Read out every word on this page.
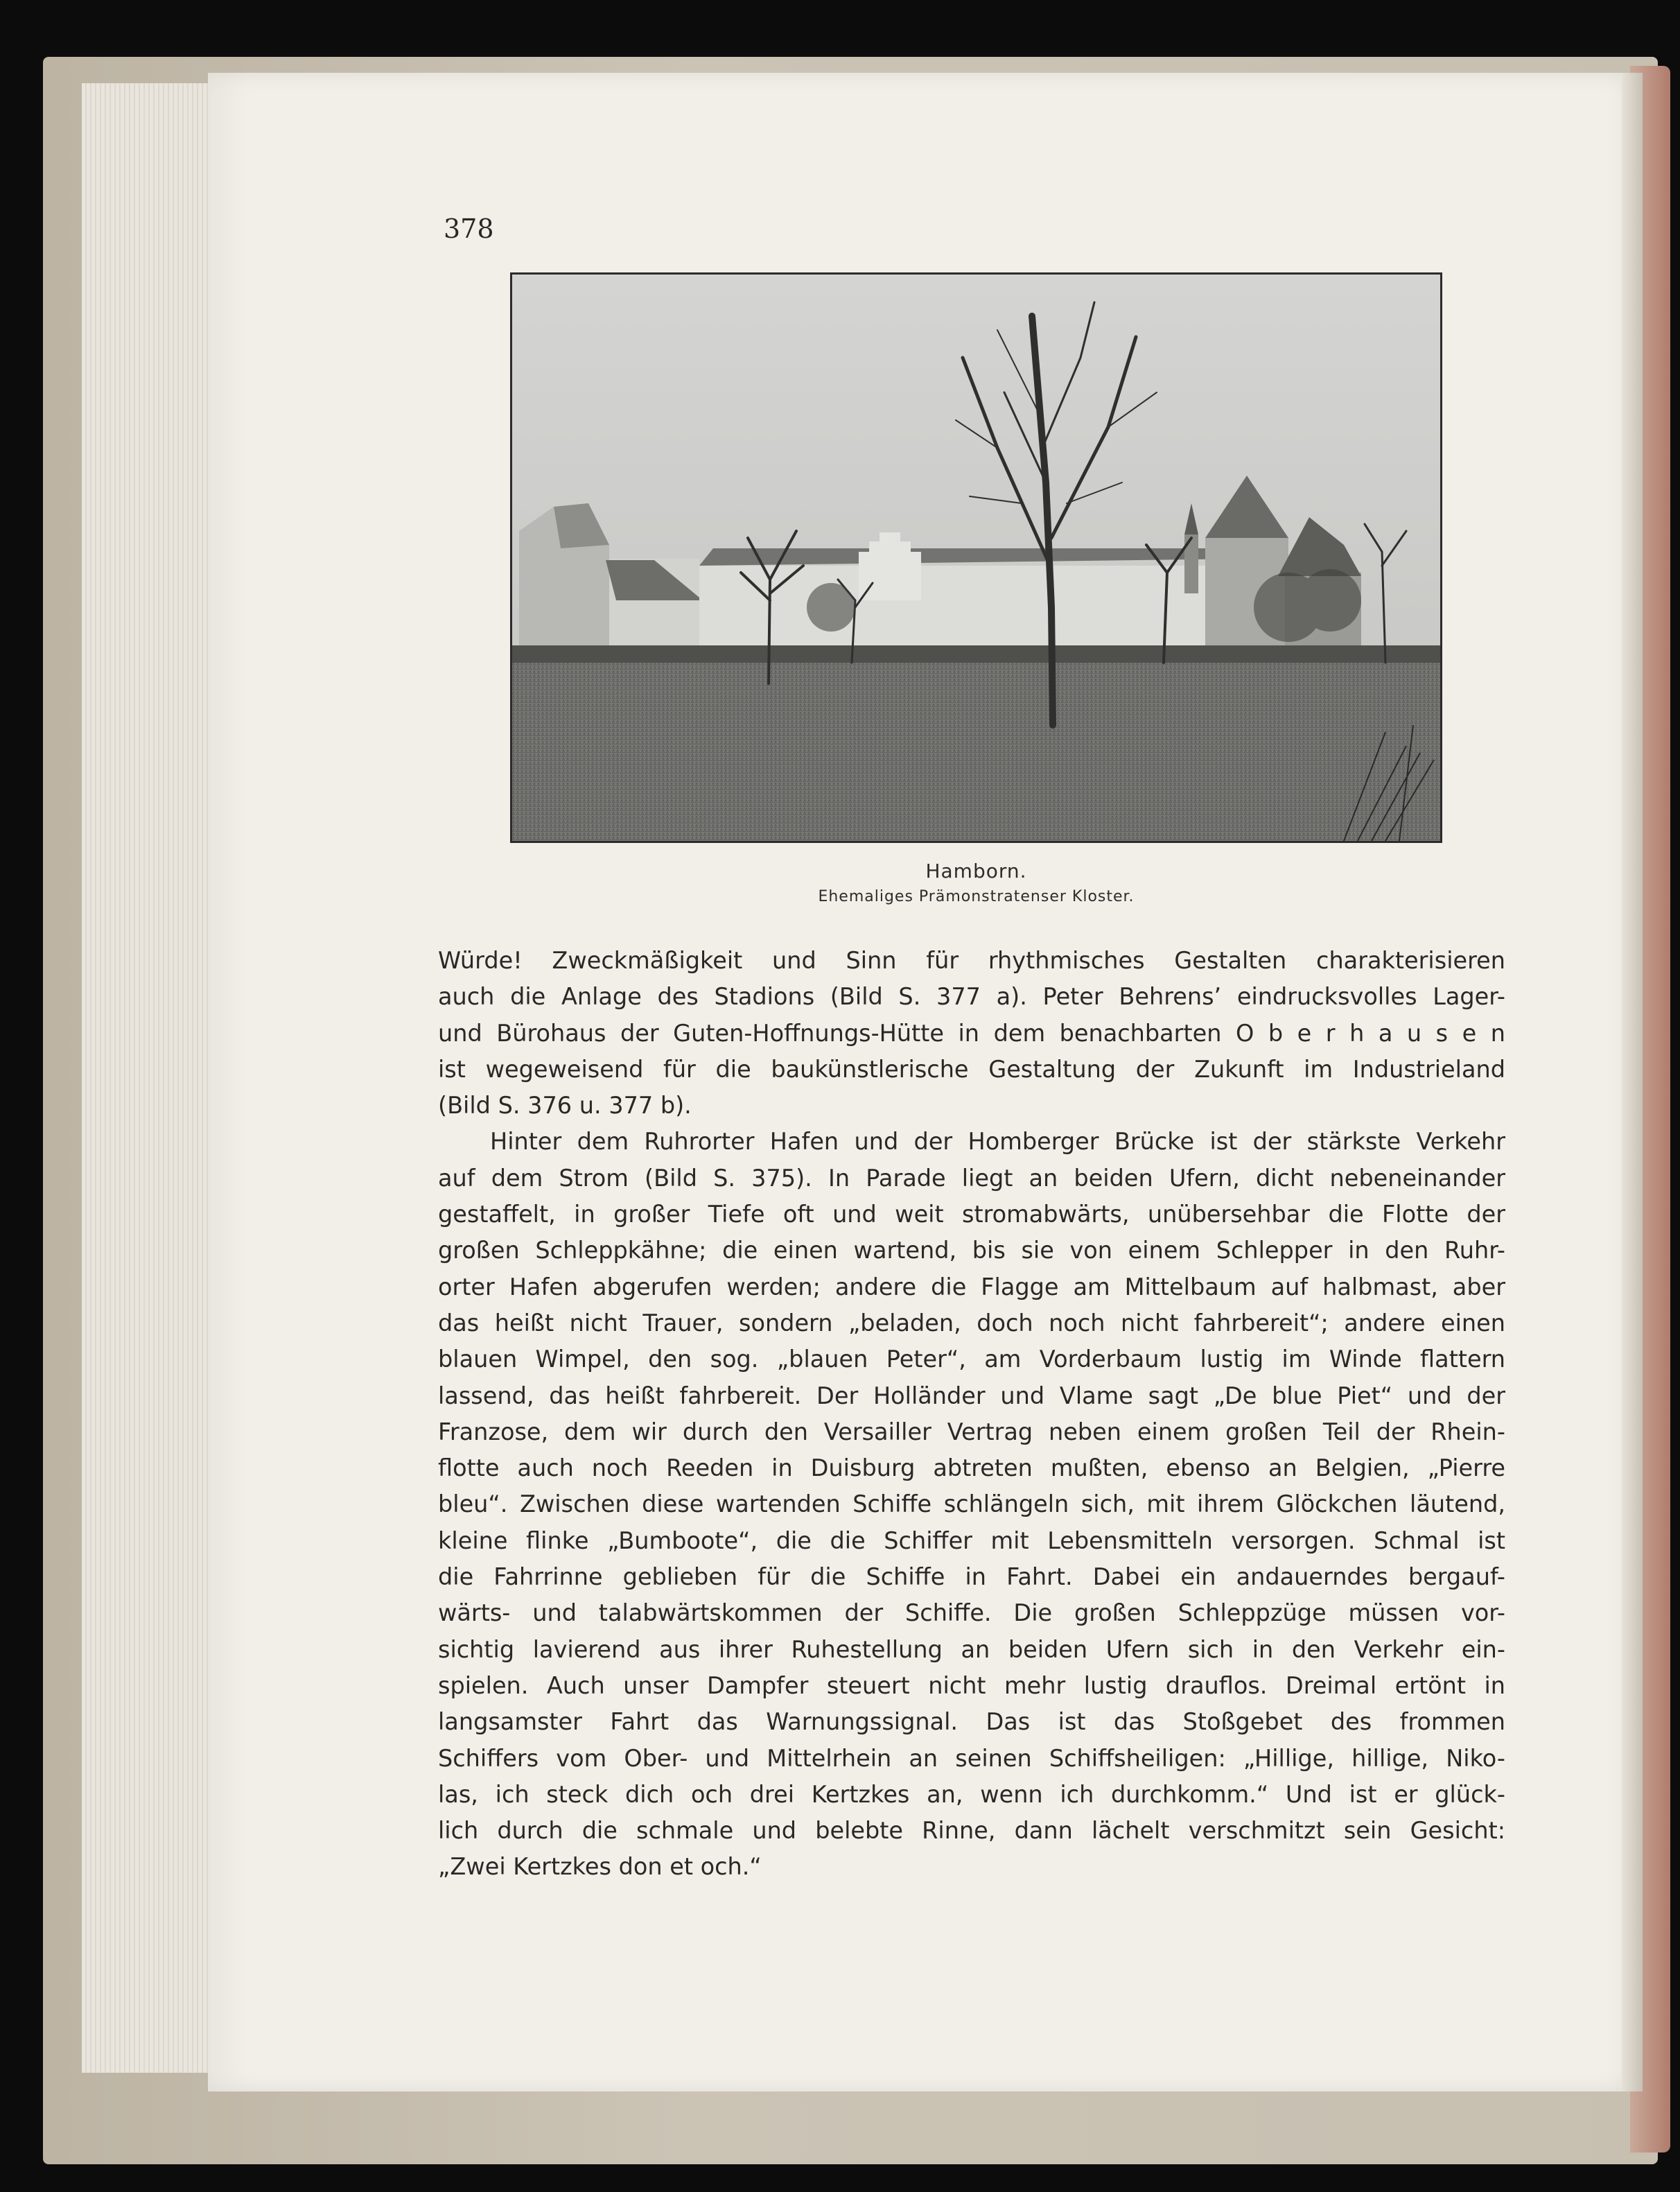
378
Hamborn.
Ehemaliges Prämonstratenser Kloster.
Würde! Zweckmäßigkeit und Sinn für rhythmisches Gestalten charakterisieren
auch die Anlage des Stadions (Bild S. 377 a). Peter Behrens’ eindrucksvolles Lager-
und Bürohaus der Guten-Hoffnungs-Hütte in dem benachbarten O b e r h a u s e n
ist wegeweisend für die baukünstlerische Gestaltung der Zukunft im Industrieland
(Bild S. 376 u. 377 b).
Hinter dem Ruhrorter Hafen und der Homberger Brücke ist der stärkste Verkehr
auf dem Strom (Bild S. 375). In Parade liegt an beiden Ufern, dicht nebeneinander
gestaffelt, in großer Tiefe oft und weit stromabwärts, unübersehbar die Flotte der
großen Schleppkähne; die einen wartend, bis sie von einem Schlepper in den Ruhr-
orter Hafen abgerufen werden; andere die Flagge am Mittelbaum auf halbmast, aber
das heißt nicht Trauer, sondern „beladen, doch noch nicht fahrbereit“; andere einen
blauen Wimpel, den sog. „blauen Peter“, am Vorderbaum lustig im Winde flattern
lassend, das heißt fahrbereit. Der Holländer und Vlame sagt „De blue Piet“ und der
Franzose, dem wir durch den Versailler Vertrag neben einem großen Teil der Rhein-
flotte auch noch Reeden in Duisburg abtreten mußten, ebenso an Belgien, „Pierre
bleu“. Zwischen diese wartenden Schiffe schlängeln sich, mit ihrem Glöckchen läutend,
kleine flinke „Bumboote“, die die Schiffer mit Lebensmitteln versorgen. Schmal ist
die Fahrrinne geblieben für die Schiffe in Fahrt. Dabei ein andauerndes bergauf-
wärts- und talabwärtskommen der Schiffe. Die großen Schleppzüge müssen vor-
sichtig lavierend aus ihrer Ruhestellung an beiden Ufern sich in den Verkehr ein-
spielen. Auch unser Dampfer steuert nicht mehr lustig drauflos. Dreimal ertönt in
langsamster Fahrt das Warnungssignal. Das ist das Stoßgebet des frommen
Schiffers vom Ober- und Mittelrhein an seinen Schiffsheiligen: „Hillige, hillige, Niko-
las, ich steck dich och drei Kertzkes an, wenn ich durchkomm.“ Und ist er glück-
lich durch die schmale und belebte Rinne, dann lächelt verschmitzt sein Gesicht:
„Zwei Kertzkes don et och.“
